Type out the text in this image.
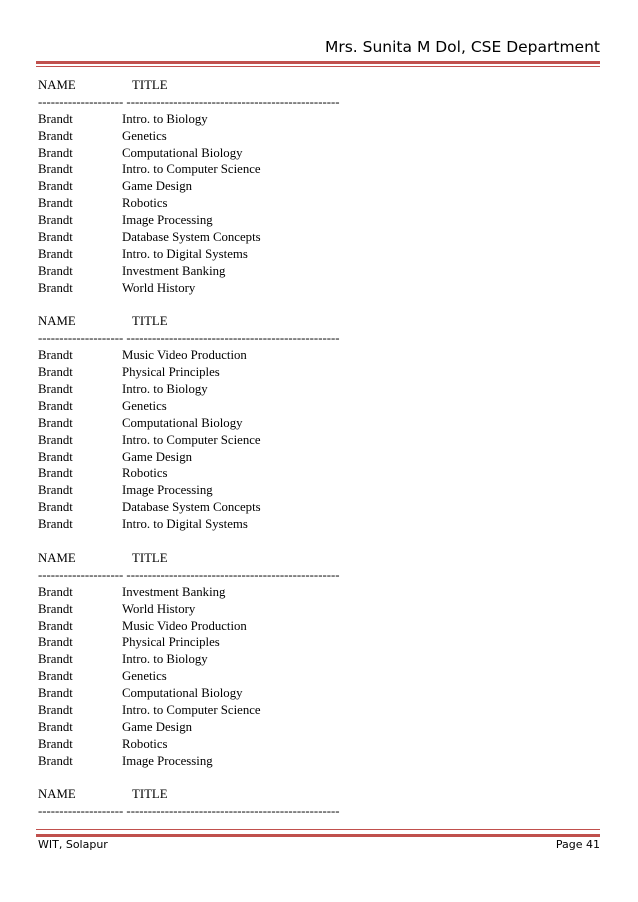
Mrs. Sunita M Dol, CSE Department
NAME	TITLE
-------------------- --------------------------------------------------
Brandt	Intro. to Biology
Brandt	Genetics
Brandt	Computational Biology
Brandt	Intro. to Computer Science
Brandt	Game Design
Brandt	Robotics
Brandt	Image Processing
Brandt	Database System Concepts
Brandt	Intro. to Digital Systems
Brandt	Investment Banking
Brandt	World History
NAME	TITLE
-------------------- --------------------------------------------------
Brandt	Music Video Production
Brandt	Physical Principles
Brandt	Intro. to Biology
Brandt	Genetics
Brandt	Computational Biology
Brandt	Intro. to Computer Science
Brandt	Game Design
Brandt	Robotics
Brandt	Image Processing
Brandt	Database System Concepts
Brandt	Intro. to Digital Systems
NAME	TITLE
-------------------- --------------------------------------------------
Brandt	Investment Banking
Brandt	World History
Brandt	Music Video Production
Brandt	Physical Principles
Brandt	Intro. to Biology
Brandt	Genetics
Brandt	Computational Biology
Brandt	Intro. to Computer Science
Brandt	Game Design
Brandt	Robotics
Brandt	Image Processing
NAME	TITLE
-------------------- --------------------------------------------------
WIT, Solapur	Page 41
